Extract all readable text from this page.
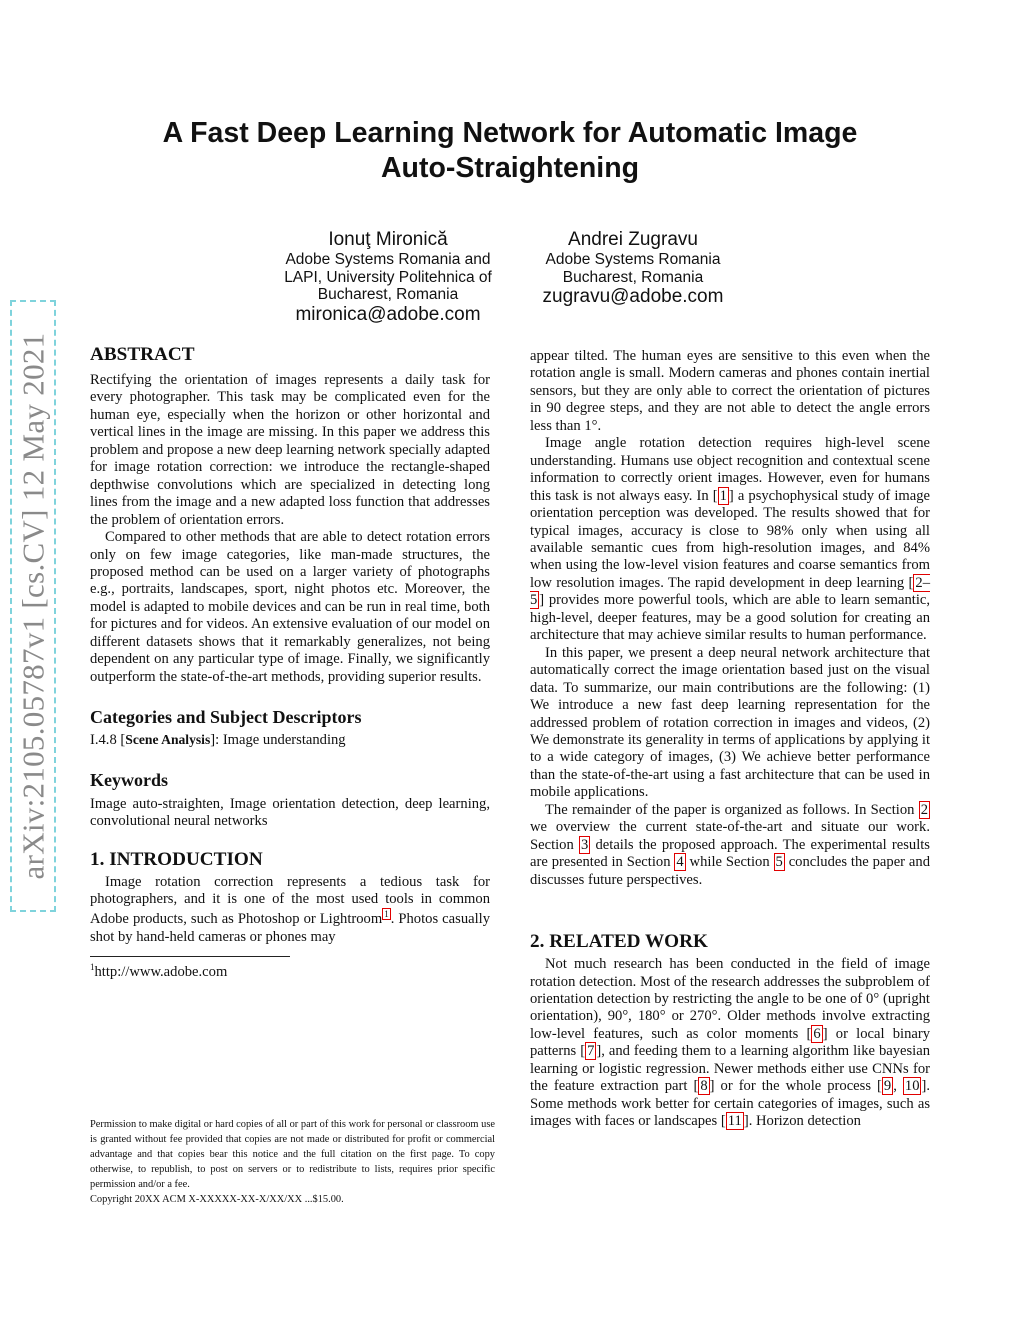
arXiv:2105.05787v1 [cs.CV] 12 May 2021
A Fast Deep Learning Network for Automatic Image
Auto-Straightening
Ionuţ Mironică
Adobe Systems Romania and
LAPI, University Politehnica of
Bucharest, Romania
mironica@adobe.com
Andrei Zugravu
Adobe Systems Romania
Bucharest, Romania
zugravu@adobe.com
ABSTRACT

Rectifying the orientation of images represents a daily task for every photographer. This task may be complicated even for the human eye, especially when the horizon or other horizontal and vertical lines in the image are missing. In this paper we address this problem and propose a new deep learning network specially adapted for image rotation correction: we introduce the rectangle-shaped depthwise convolutions which are specialized in detecting long lines from the image and a new adapted loss function that addresses the problem of orientation errors.

Compared to other methods that are able to detect rotation errors only on few image categories, like man-made structures, the proposed method can be used on a larger variety of photographs e.g., portraits, landscapes, sport, night photos etc. Moreover, the model is adapted to mobile devices and can be run in real time, both for pictures and for videos. An extensive evaluation of our model on different datasets shows that it remarkably generalizes, not being dependent on any particular type of image. Finally, we significantly outperform the state-of-the-art methods, providing superior results.

Categories and Subject Descriptors

I.4.8 [Scene Analysis]: Image understanding

Keywords

Image auto-straighten, Image orientation detection, deep learning, convolutional neural networks

1. INTRODUCTION

Image rotation correction represents a tedious task for photographers, and it is one of the most used tools in common Adobe products, such as Photoshop or Lightroom $^1$ . Photos casually shot by hand-held cameras or phones may

$^1$http://www.adobe.com

Permission to make digital or hard copies of all or part of this work for personal or classroom use is granted without fee provided that copies are not made or distributed for profit or commercial advantage and that copies bear this notice and the full citation on the first page. To copy otherwise, to republish, to post on servers or to redistribute to lists, requires prior specific permission and/or a fee.
Copyright 20XX ACM X-XXXXX-XX-X/XX/XX ...$15.00.

appear tilted. The human eyes are sensitive to this even when the rotation angle is small. Modern cameras and phones contain inertial sensors, but they are only able to correct the orientation of pictures in 90 degree steps, and they are not able to detect the angle errors less than 1°.

Image angle rotation detection requires high-level scene understanding. Humans use object recognition and contextual scene information to correctly orient images. However, even for humans this task is not always easy. In [ 1 ] a psychophysical study of image orientation perception was developed. The results showed that for typical images, accuracy is close to 98% only when using all available semantic cues from high-resolution images, and 84% when using the low-level vision features and coarse semantics from low resolution images. The rapid development in deep learning [ 2–5 ] provides more powerful tools, which are able to learn semantic, high-level, deeper features, may be a good solution for creating an architecture that may achieve similar results to human performance.

In this paper, we present a deep neural network architecture that automatically correct the image orientation based just on the visual data. To summarize, our main contributions are the following: (1) We introduce a new fast deep learning representation for the addressed problem of rotation correction in images and videos, (2) We demonstrate its generality in terms of applications by applying it to a wide category of images, (3) We achieve better performance than the state-of-the-art using a fast architecture that can be used in mobile applications.

The remainder of the paper is organized as follows. In Section 2 we overview the current state-of-the-art and situate our work. Section 3 details the proposed approach. The experimental results are presented in Section 4 while Section 5 concludes the paper and discusses future perspectives.

2. RELATED WORK

Not much research has been conducted in the field of image rotation detection. Most of the research addresses the subproblem of orientation detection by restricting the angle to be one of 0° (upright orientation), 90°, 180° or 270°. Older methods involve extracting low-level features, such as color moments [ 6 ] or local binary patterns [ 7 ], and feeding them to a learning algorithm like bayesian learning or logistic regression. Newer methods either use CNNs for the feature extraction part [ 8 ] or for the whole process [ 9 , 10 ]. Some methods work better for certain categories of images, such as images with faces or landscapes [ 11 ]. Horizon detection
